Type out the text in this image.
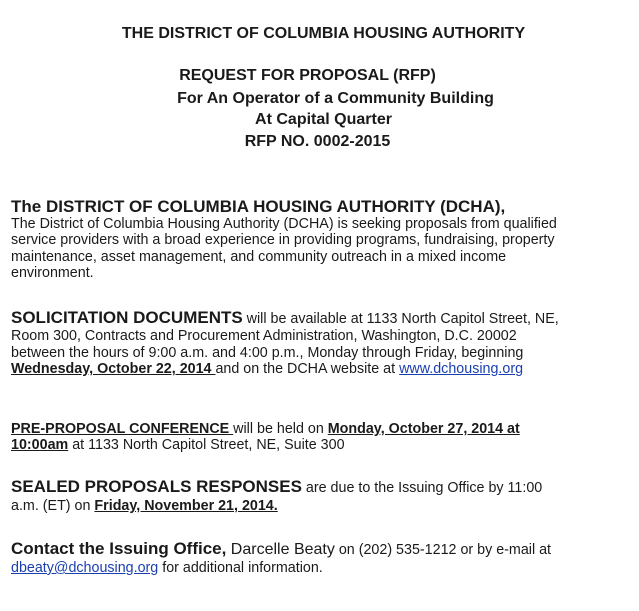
THE DISTRICT OF COLUMBIA HOUSING AUTHORITY
REQUEST FOR PROPOSAL (RFP)
For An Operator of a Community Building
At Capital Quarter
RFP NO. 0002-2015
The DISTRICT OF COLUMBIA HOUSING AUTHORITY (DCHA),
The District of Columbia Housing Authority (DCHA) is seeking proposals from qualified
service providers with a broad experience in providing programs, fundraising, property
maintenance, asset management, and community outreach in a mixed income
environment.
SOLICITATION DOCUMENTS will be available at 1133 North Capitol Street, NE,
Room 300, Contracts and Procurement Administration, Washington, D.C. 20002
between the hours of 9:00 a.m. and 4:00 p.m., Monday through Friday, beginning
Wednesday, October 22, 2014 and on the DCHA website at www.dchousing.org
PRE-PROPOSAL CONFERENCE will be held on Monday, October 27, 2014 at
10:00am at 1133 North Capitol Street, NE, Suite 300
SEALED PROPOSALS RESPONSES are due to the Issuing Office by 11:00
a.m. (ET) on Friday, November 21, 2014.
Contact the Issuing Office, Darcelle Beaty on (202) 535-1212 or by e-mail at
dbeaty@dchousing.org for additional information.
